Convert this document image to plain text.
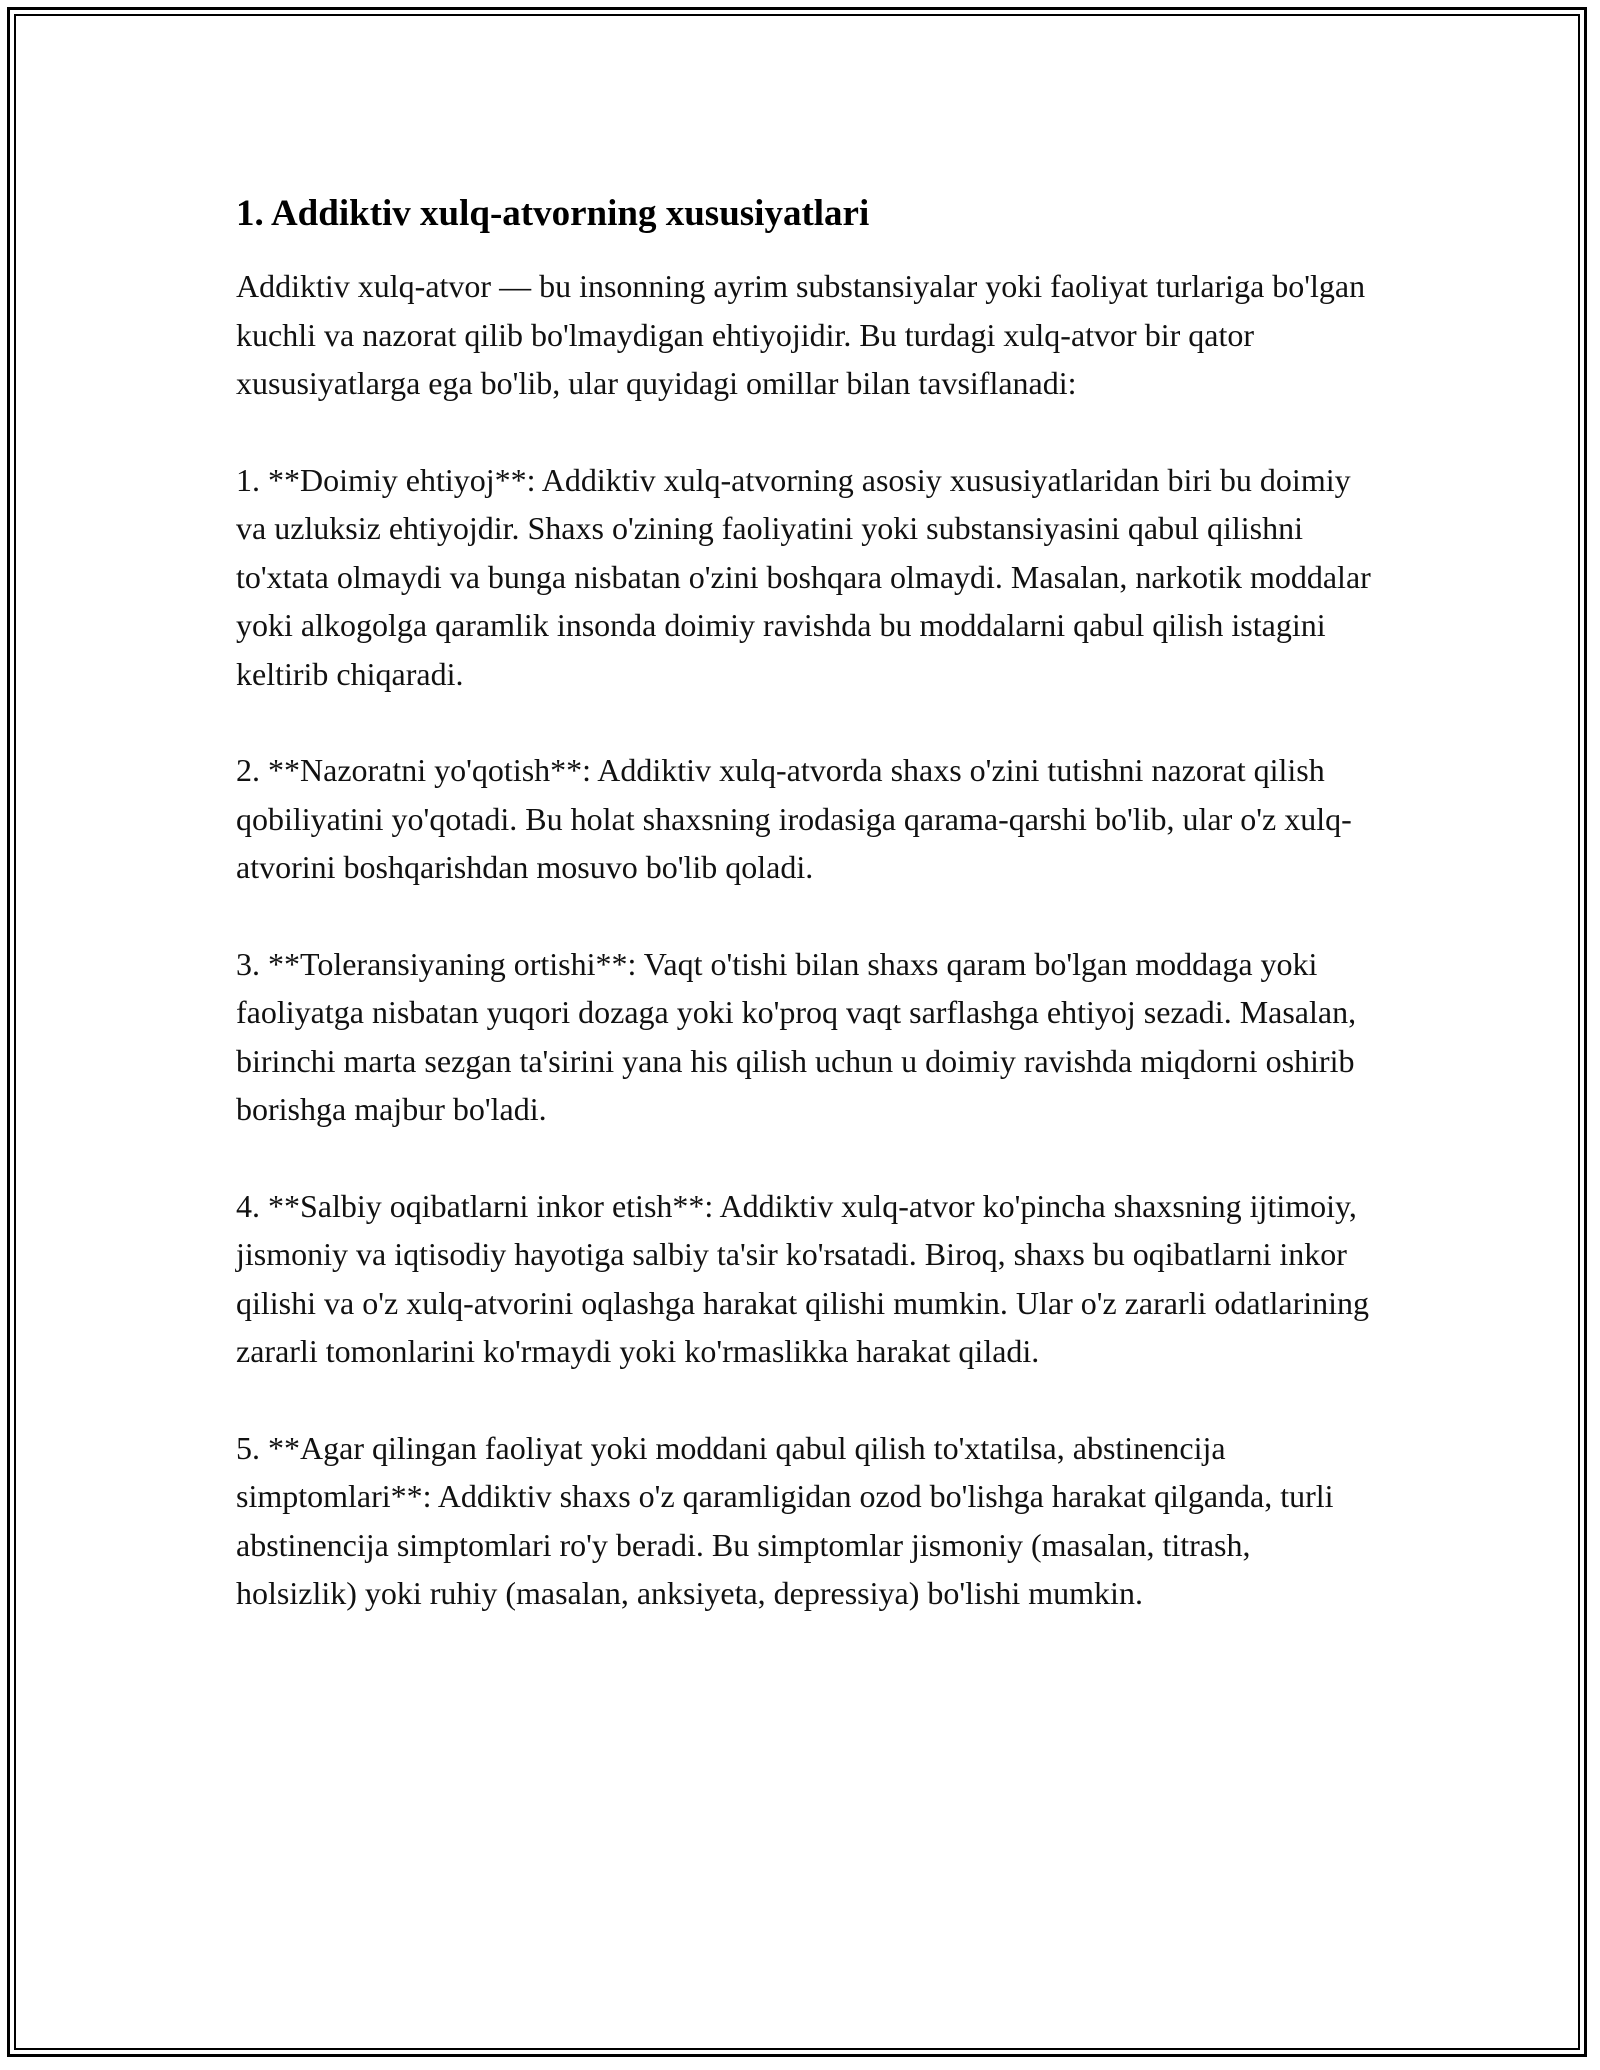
1. Addiktiv xulq-atvorning xususiyatlari

Addiktiv xulq-atvor — bu insonning ayrim substansiyalar yoki faoliyat turlariga bo'lgan kuchli va nazorat qilib bo'lmaydigan ehtiyojidir. Bu turdagi xulq-atvor bir qator xususiyatlarga ega bo'lib, ular quyidagi omillar bilan tavsiflanadi:

1. **Doimiy ehtiyoj**: Addiktiv xulq-atvorning asosiy xususiyatlaridan biri bu doimiy va uzluksiz ehtiyojdir. Shaxs o'zining faoliyatini yoki substansiyasini qabul qilishni to'xtata olmaydi va bunga nisbatan o'zini boshqara olmaydi. Masalan, narkotik moddalar yoki alkogolga qaramlik insonda doimiy ravishda bu moddalarni qabul qilish istagini keltirib chiqaradi.

2. **Nazoratni yo'qotish**: Addiktiv xulq-atvorda shaxs o'zini tutishni nazorat qilish qobiliyatini yo'qotadi. Bu holat shaxsning irodasiga qarama-qarshi bo'lib, ular o'z xulq-atvorini boshqarishdan mosuvo bo'lib qoladi.

3. **Toleransiyaning ortishi**: Vaqt o'tishi bilan shaxs qaram bo'lgan moddaga yoki faoliyatga nisbatan yuqori dozaga yoki ko'proq vaqt sarflashga ehtiyoj sezadi. Masalan, birinchi marta sezgan ta'sirini yana his qilish uchun u doimiy ravishda miqdorni oshirib borishga majbur bo'ladi.

4. **Salbiy oqibatlarni inkor etish**: Addiktiv xulq-atvor ko'pincha shaxsning ijtimoiy, jismoniy va iqtisodiy hayotiga salbiy ta'sir ko'rsatadi. Biroq, shaxs bu oqibatlarni inkor qilishi va o'z xulq-atvorini oqlashga harakat qilishi mumkin. Ular o'z zararli odatlarining zararli tomonlarini ko'rmaydi yoki ko'rmaslikka harakat qiladi.

5. **Agar qilingan faoliyat yoki moddani qabul qilish to'xtatilsa, abstinencija simptomlari**: Addiktiv shaxs o'z qaramligidan ozod bo'lishga harakat qilganda, turli abstinencija simptomlari ro'y beradi. Bu simptomlar jismoniy (masalan, titrash, holsizlik) yoki ruhiy (masalan, anksiyeta, depressiya) bo'lishi mumkin.
